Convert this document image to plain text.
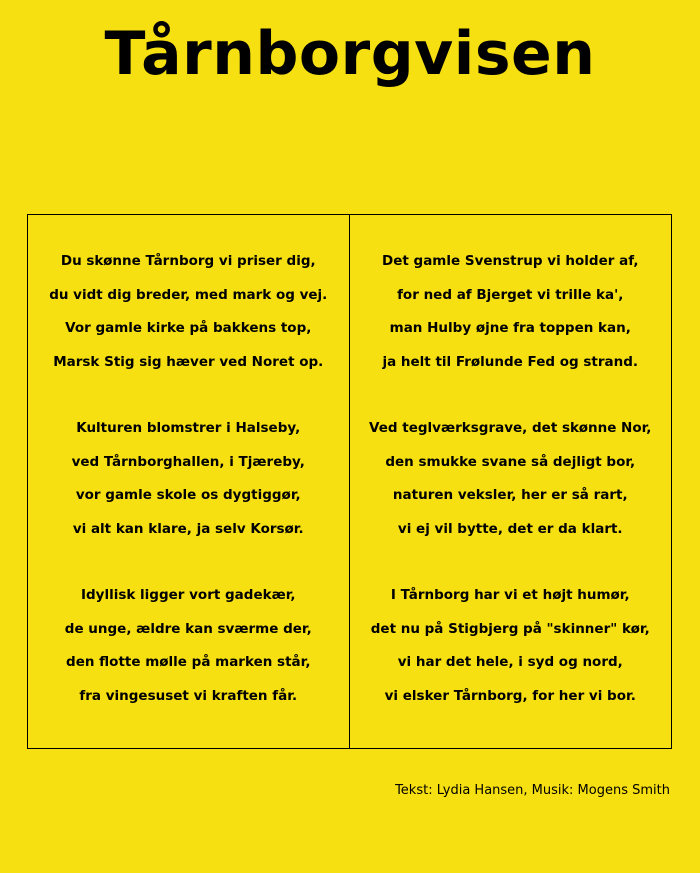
Tårnborgvisen
Du skønne Tårnborg vi priser dig,
du vidt dig breder, med mark og vej.
Vor gamle kirke på bakkens top,
Marsk Stig sig hæver ved Noret op.
Kulturen blomstrer i Halseby,
ved Tårnborghallen, i Tjæreby,
vor gamle skole os dygtiggør,
vi alt kan klare, ja selv Korsør.
Idyllisk ligger vort gadekær,
de unge, ældre kan sværme der,
den flotte mølle på marken står,
fra vingesuset vi kraften får.
Det gamle Svenstrup vi holder af,
for ned af Bjerget vi trille ka',
man Hulby øjne fra toppen kan,
ja helt til Frølunde Fed og strand.
Ved teglværksgrave, det skønne Nor,
den smukke svane så dejligt bor,
naturen veksler, her er så rart,
vi ej vil bytte, det er da klart.
I Tårnborg har vi et højt humør,
det nu på Stigbjerg på "skinner" kør,
vi har det hele, i syd og nord,
vi elsker Tårnborg, for her vi bor.
Tekst: Lydia Hansen, Musik: Mogens Smith
